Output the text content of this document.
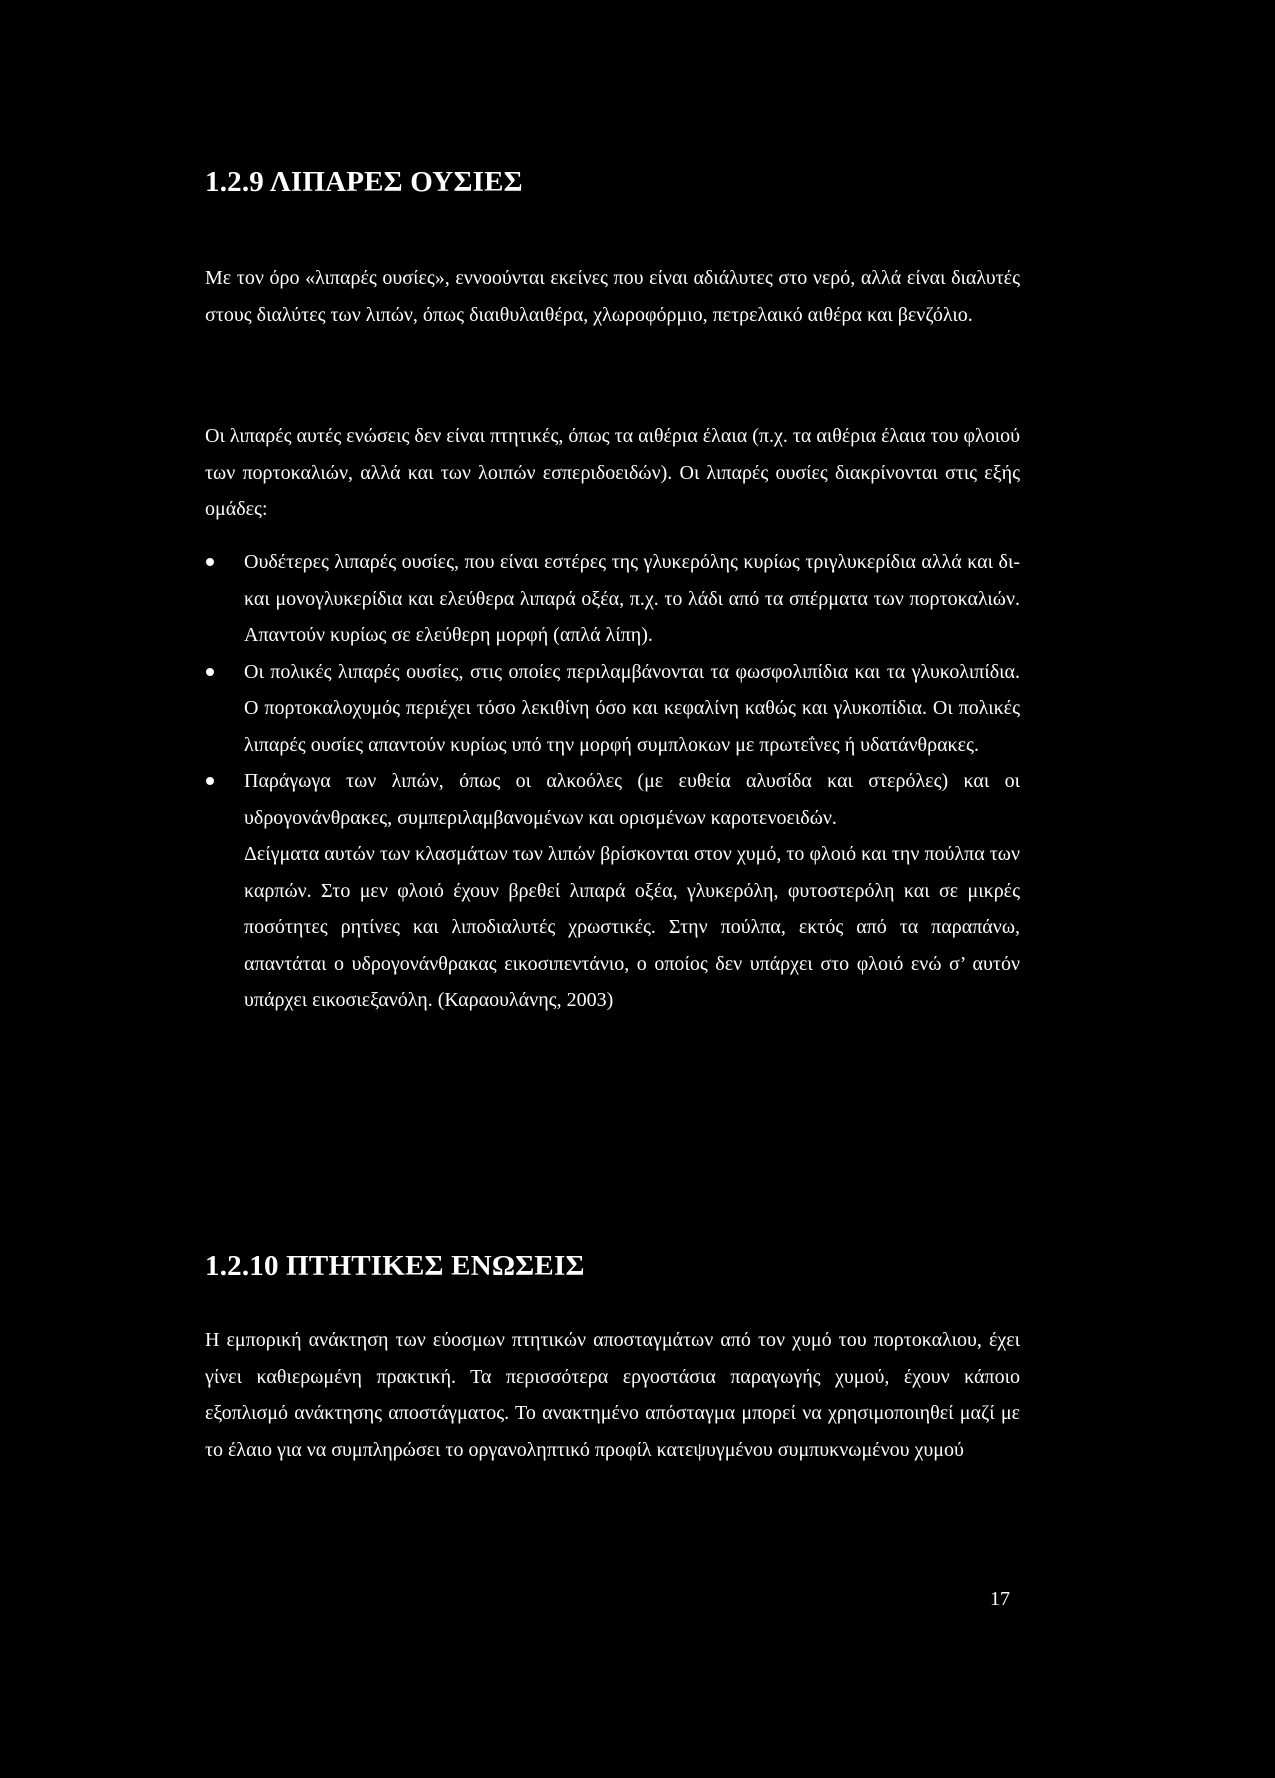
1.2.9 ΛΙΠΑΡΕΣ ΟΥΣΙΕΣ

Με τον όρο «λιπαρές ουσίες», εννοούνται εκείνες που είναι αδιάλυτες στο νερό, αλλά είναι διαλυτές στους διαλύτες των λιπών, όπως διαιθυλαιθέρα, χλωροφόρμιο, πετρελαικό αιθέρα και βενζόλιο.

Οι λιπαρές αυτές ενώσεις δεν είναι πτητικές, όπως τα αιθέρια έλαια (π.χ. τα αιθέρια έλαια του φλοιού των πορτοκαλιών, αλλά και των λοιπών εσπεριδοειδών). Οι λιπαρές ουσίες διακρίνονται στις εξής ομάδες:

Ουδέτερες λιπαρές ουσίες, που είναι εστέρες της γλυκερόλης κυρίως τριγλυκερίδια αλλά και δι- και μονογλυκερίδια και ελεύθερα λιπαρά οξέα, π.χ. το λάδι από τα σπέρματα των πορτοκαλιών. Απαντούν κυρίως σε ελεύθερη μορφή (απλά λίπη).
Οι πολικές λιπαρές ουσίες, στις οποίες περιλαμβάνονται τα φωσφολιπίδια και τα γλυκολιπίδια. Ο πορτοκαλοχυμός περιέχει τόσο λεκιθίνη όσο και κεφαλίνη καθώς και γλυκοπίδια. Οι πολικές λιπαρές ουσίες απαντούν κυρίως υπό την μορφή συμπλοκων με πρωτεΐνες ή υδατάνθρακες.
Παράγωγα των λιπών, όπως οι αλκοόλες (με ευθεία αλυσίδα και στερόλες) και οι υδρογονάνθρακες, συμπεριλαμβανομένων και ορισμένων καροτενοειδών.
Δείγματα αυτών των κλασμάτων των λιπών βρίσκονται στον χυμό, το φλοιό και την πούλπα των καρπών. Στο μεν φλοιό έχουν βρεθεί λιπαρά οξέα, γλυκερόλη, φυτοστερόλη και σε μικρές ποσότητες ρητίνες και λιποδιαλυτές χρωστικές. Στην πούλπα, εκτός από τα παραπάνω, απαντάται ο υδρογονάνθρακας εικοσιπεντάνιο, ο οποίος δεν υπάρχει στο φλοιό ενώ σ’ αυτόν υπάρχει εικοσιεξανόλη. (Καραουλάνης, 2003)
1.2.10 ΠΤΗΤΙΚΕΣ ΕΝΩΣΕΙΣ

Η εμπορική ανάκτηση των εύοσμων πτητικών αποσταγμάτων από τον χυμό του πορτοκαλιου, έχει γίνει καθιερωμένη πρακτική. Τα περισσότερα εργοστάσια παραγωγής χυμού, έχουν κάποιο εξοπλισμό ανάκτησης αποστάγματος. Το ανακτημένο απόσταγμα μπορεί να χρησιμοποιηθεί μαζί με το έλαιο για να συμπληρώσει το οργανοληπτικό προφίλ κατεψυγμένου συμπυκνωμένου χυμού

17
